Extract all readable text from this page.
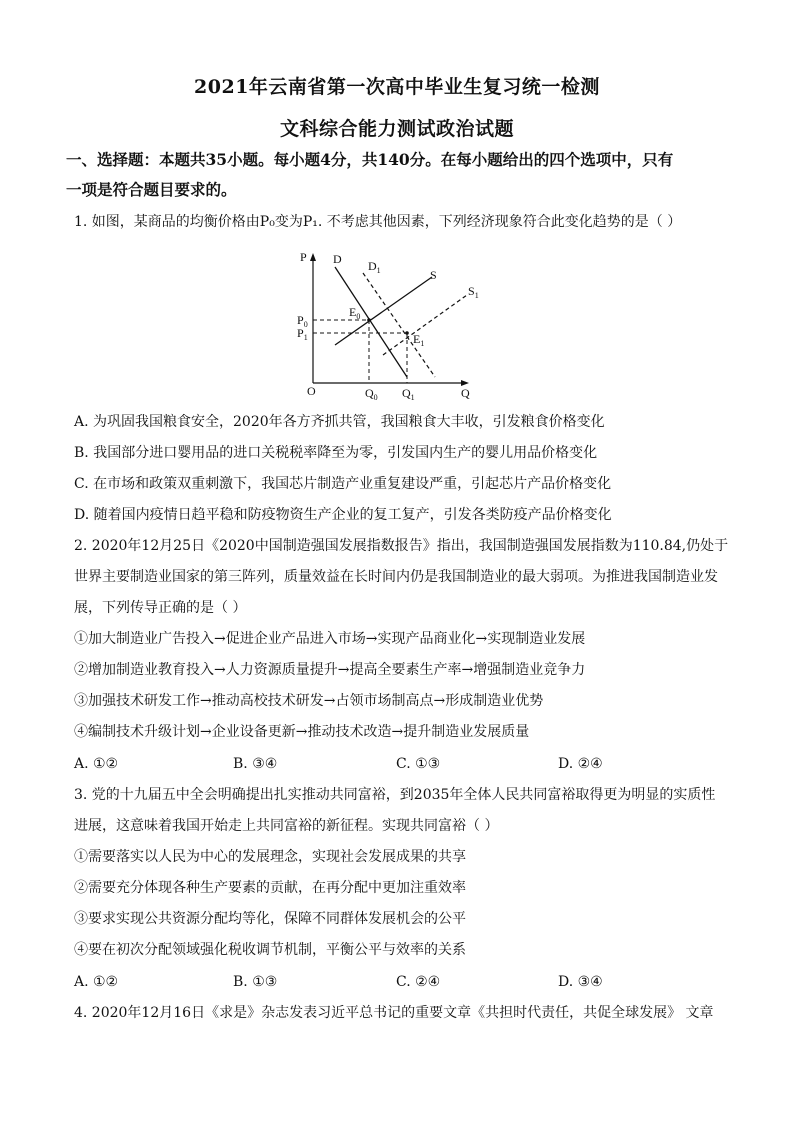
2021年云南省第一次高中毕业生复习统一检测
文科综合能力测试政治试题
一、选择题：本题共35小题。每小题4分，共140分。在每小题给出的四个选项中，只有
一项是符合题目要求的。
1. 如图，某商品的均衡价格由P₀变为P₁. 不考虑其他因素，下列经济现象符合此变化趋势的是（ ）
P
Q
O
D $D_1$	S
$S_1$
$E_0$
$E_1$
$P_0$
$P_1$
$Q_0$ $Q_1$
A. 为巩固我国粮食安全，2020年各方齐抓共管，我国粮食大丰收，引发粮食价格变化
B. 我国部分进口婴用品的进口关税税率降至为零，引发国内生产的婴儿用品价格变化
C. 在市场和政策双重刺激下，我国芯片制造产业重复建设严重，引起芯片产品价格变化
D. 随着国内疫情日趋平稳和防疫物资生产企业的复工复产，引发各类防疫产品价格变化
2. 2020年12月25日《2020中国制造强国发展指数报告》指出，我国制造强国发展指数为110.84,仍处于
世界主要制造业国家的第三阵列，质量效益在长时间内仍是我国制造业的最大弱项。为推进我国制造业发
展，下列传导正确的是（ ）
①加大制造业广告投入→促进企业产品进入市场→实现产品商业化→实现制造业发展
②增加制造业教育投入→人力资源质量提升→提高全要素生产率→增强制造业竞争力
③加强技术研发工作→推动高校技术研发→占领市场制高点→形成制造业优势
④编制技术升级计划→企业设备更新→推动技术改造→提升制造业发展质量
A. ①②	B. ③④	C. ①③	D. ②④
3. 党的十九届五中全会明确提出扎实推动共同富裕，到2035年全体人民共同富裕取得更为明显的实质性
进展，这意味着我国开始走上共同富裕的新征程。实现共同富裕（ ）
①需要落实以人民为中心的发展理念，实现社会发展成果的共享
②需要充分体现各种生产要素的贡献，在再分配中更加注重效率
③要求实现公共资源分配均等化，保障不同群体发展机会的公平
④要在初次分配领域强化税收调节机制，平衡公平与效率的关系
A. ①②	B. ①③	C. ②④	D. ③④
4. 2020年12月16日《求是》杂志发表习近平总书记的重要文章《共担时代责任，共促全球发展》 文章
